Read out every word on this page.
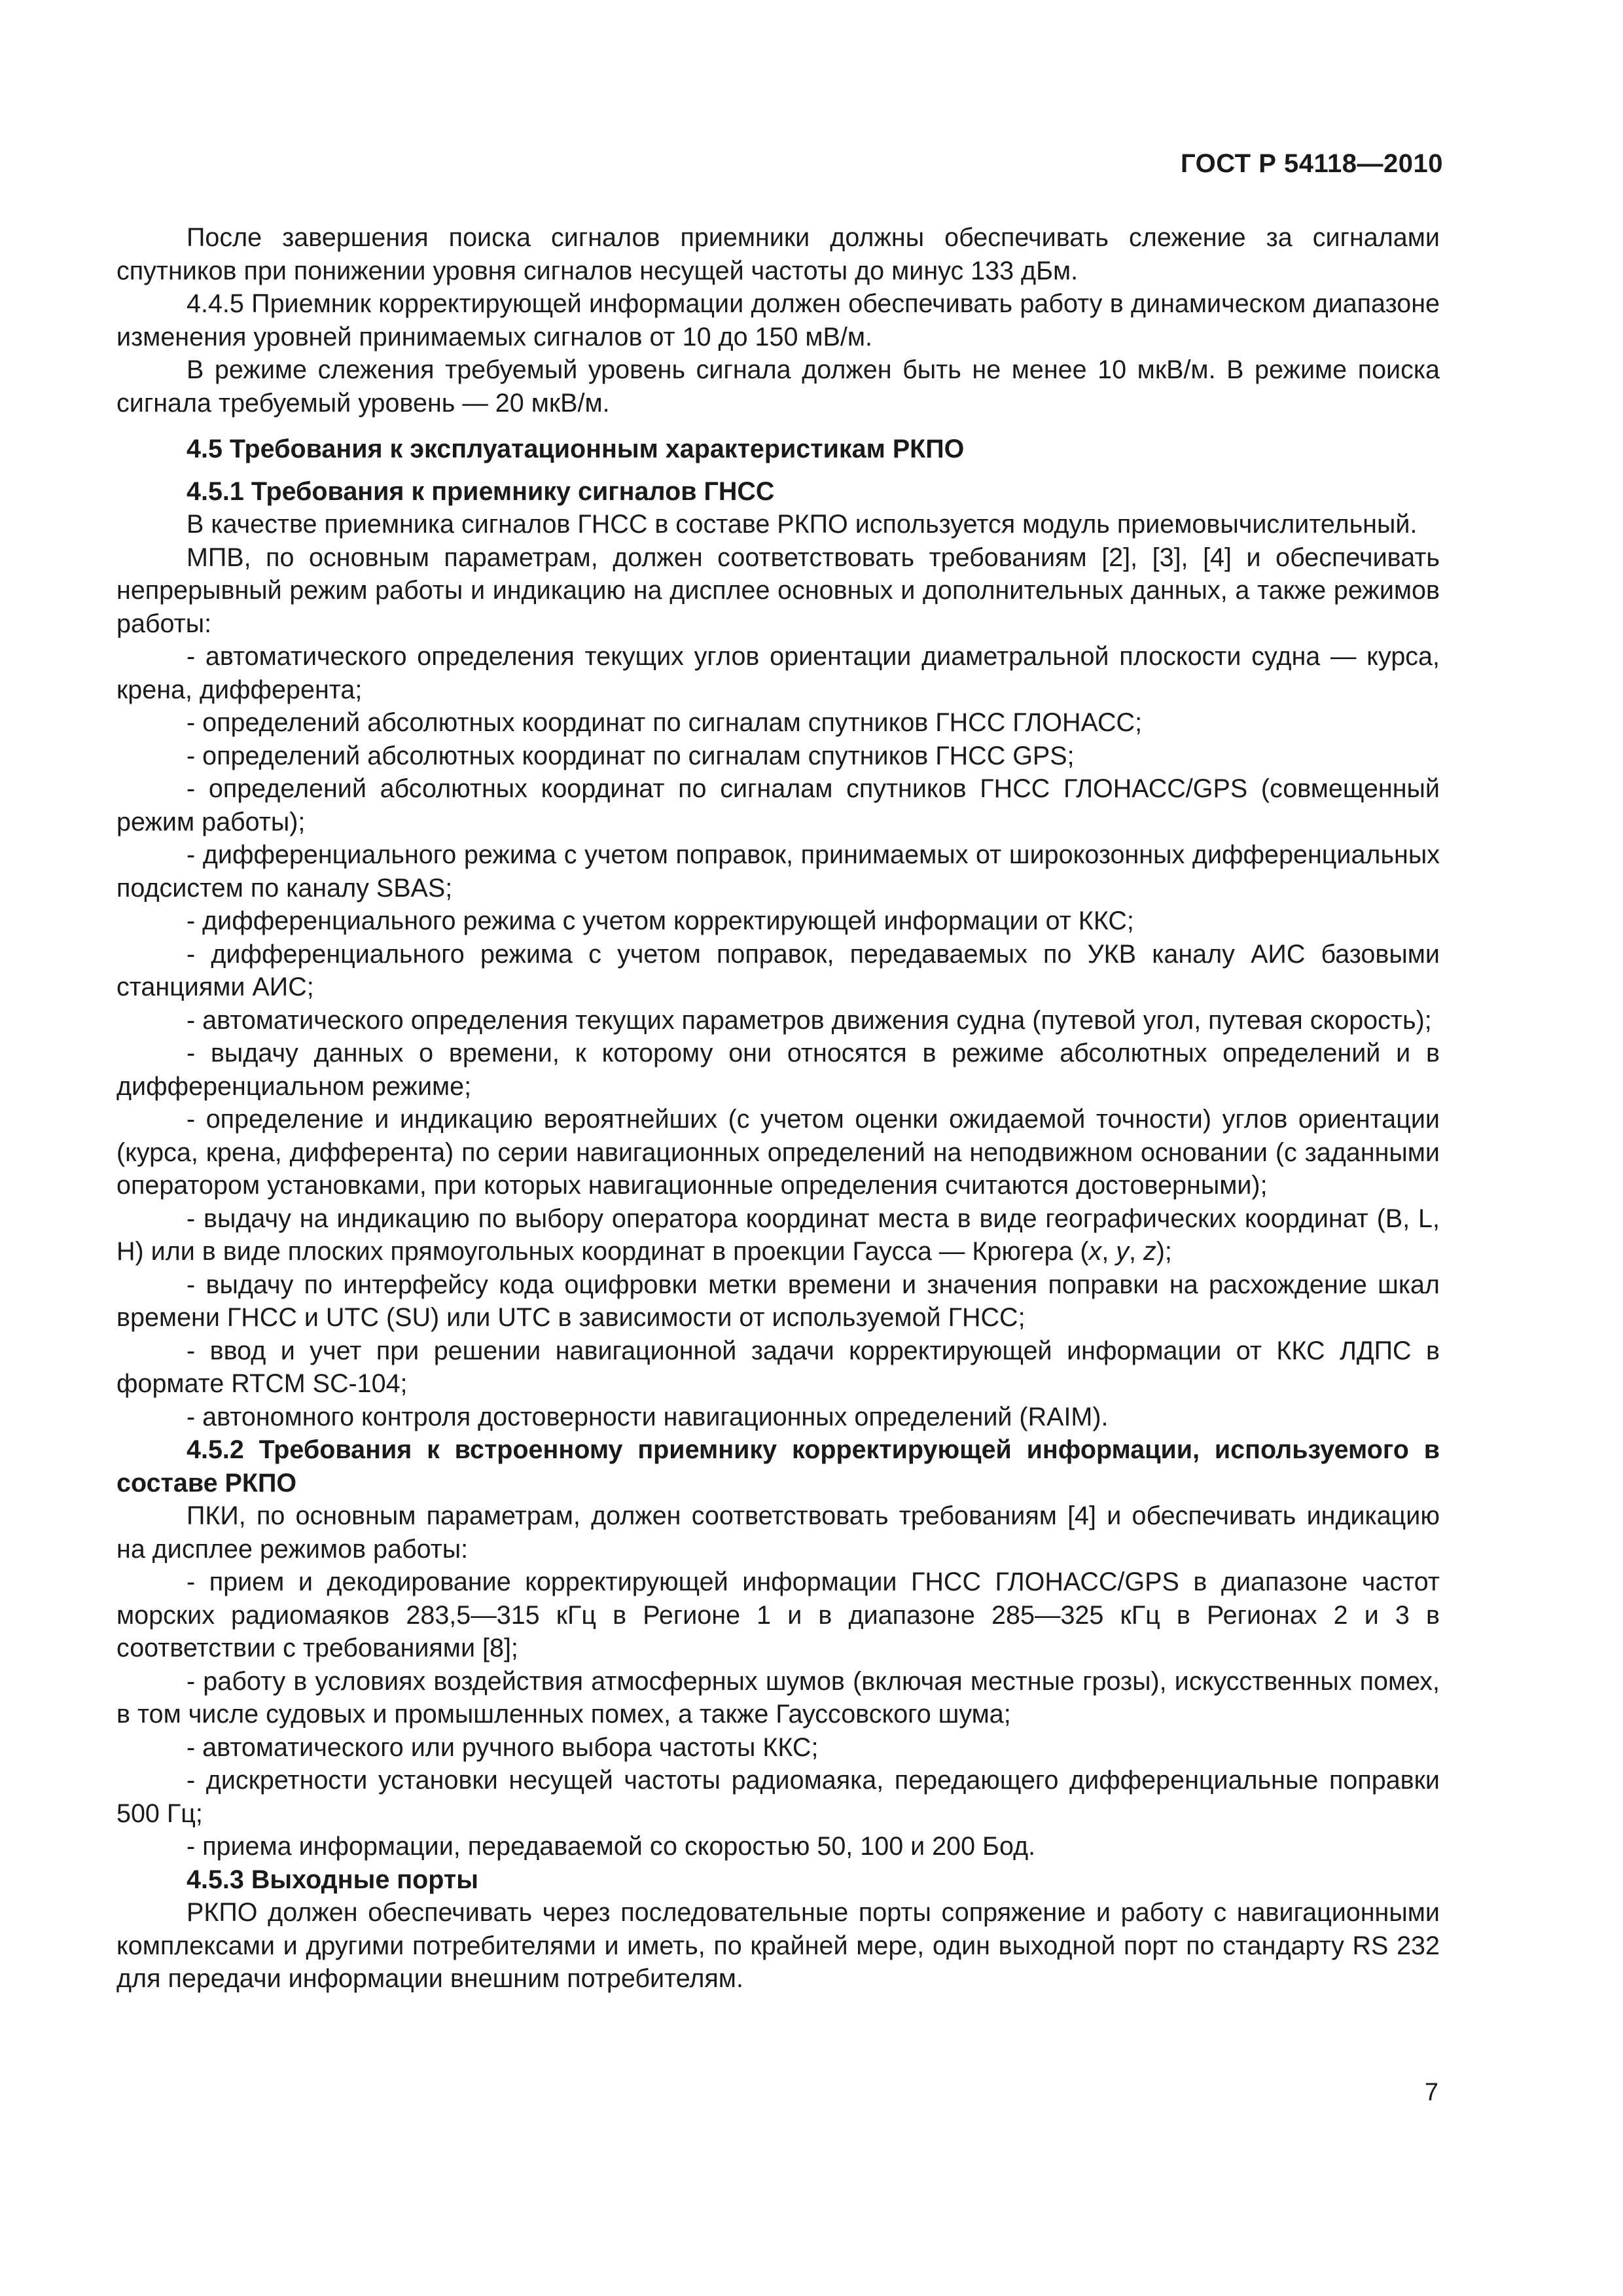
ГОСТ Р 54118—2010

После завершения поиска сигналов приемники должны обеспечивать слежение за сигналами спутников при понижении уровня сигналов несущей частоты до минус 133 дБм.

4.4.5 Приемник корректирующей информации должен обеспечивать работу в динамическом диапазоне изменения уровней принимаемых сигналов от 10 до 150 мВ/м.

В режиме слежения требуемый уровень сигнала должен быть не менее 10 мкВ/м. В режиме поиска сигнала требуемый уровень — 20 мкВ/м.

4.5 Требования к эксплуатационным характеристикам РКПО

4.5.1 Требования к приемнику сигналов ГНСС

В качестве приемника сигналов ГНСС в составе РКПО используется модуль приемовычислительный.

МПВ, по основным параметрам, должен соответствовать требованиям [2], [3], [4] и обеспечивать непрерывный режим работы и индикацию на дисплее основных и дополнительных данных, а также режимов работы:

- автоматического определения текущих углов ориентации диаметральной плоскости судна — курса, крена, дифферента;

- определений абсолютных координат по сигналам спутников ГНСС ГЛОНАСС;

- определений абсолютных координат по сигналам спутников ГНСС GPS;

- определений абсолютных координат по сигналам спутников ГНСС ГЛОНАСС/GPS (совмещенный режим работы);

- дифференциального режима с учетом поправок, принимаемых от широкозонных дифференциальных подсистем по каналу SBAS;

- дифференциального режима с учетом корректирующей информации от ККС;

- дифференциального режима с учетом поправок, передаваемых по УКВ каналу АИС базовыми станциями АИС;

- автоматического определения текущих параметров движения судна (путевой угол, путевая скорость);

- выдачу данных о времени, к которому они относятся в режиме абсолютных определений и в дифференциальном режиме;

- определение и индикацию вероятнейших (с учетом оценки ожидаемой точности) углов ориентации (курса, крена, дифферента) по серии навигационных определений на неподвижном основании (с заданными оператором установками, при которых навигационные определения считаются достоверными);

- выдачу на индикацию по выбору оператора координат места в виде географических координат (B, L, H) или в виде плоских прямоугольных координат в проекции Гаусса — Крюгера (x, y, z);

- выдачу по интерфейсу кода оцифровки метки времени и значения поправки на расхождение шкал времени ГНСС и UTC (SU) или UTC в зависимости от используемой ГНСС;

- ввод и учет при решении навигационной задачи корректирующей информации от ККС ЛДПС в формате RTCM SC-104;

- автономного контроля достоверности навигационных определений (RAIM).

4.5.2 Требования к встроенному приемнику корректирующей информации, используемого в составе РКПО

ПКИ, по основным параметрам, должен соответствовать требованиям [4] и обеспечивать индикацию на дисплее режимов работы:

- прием и декодирование корректирующей информации ГНСС ГЛОНАСС/GPS в диапазоне частот морских радиомаяков 283,5—315 кГц в Регионе 1 и в диапазоне 285—325 кГц в Регионах 2 и 3 в соответствии с требованиями [8];

- работу в условиях воздействия атмосферных шумов (включая местные грозы), искусственных помех, в том числе судовых и промышленных помех, а также Гауссовского шума;

- автоматического или ручного выбора частоты ККС;

- дискретности установки несущей частоты радиомаяка, передающего дифференциальные поправки 500 Гц;

- приема информации, передаваемой со скоростью 50, 100 и 200 Бод.

4.5.3 Выходные порты

РКПО должен обеспечивать через последовательные порты сопряжение и работу с навигационными комплексами и другими потребителями и иметь, по крайней мере, один выходной порт по стандарту RS 232 для передачи информации внешним потребителям.

7
